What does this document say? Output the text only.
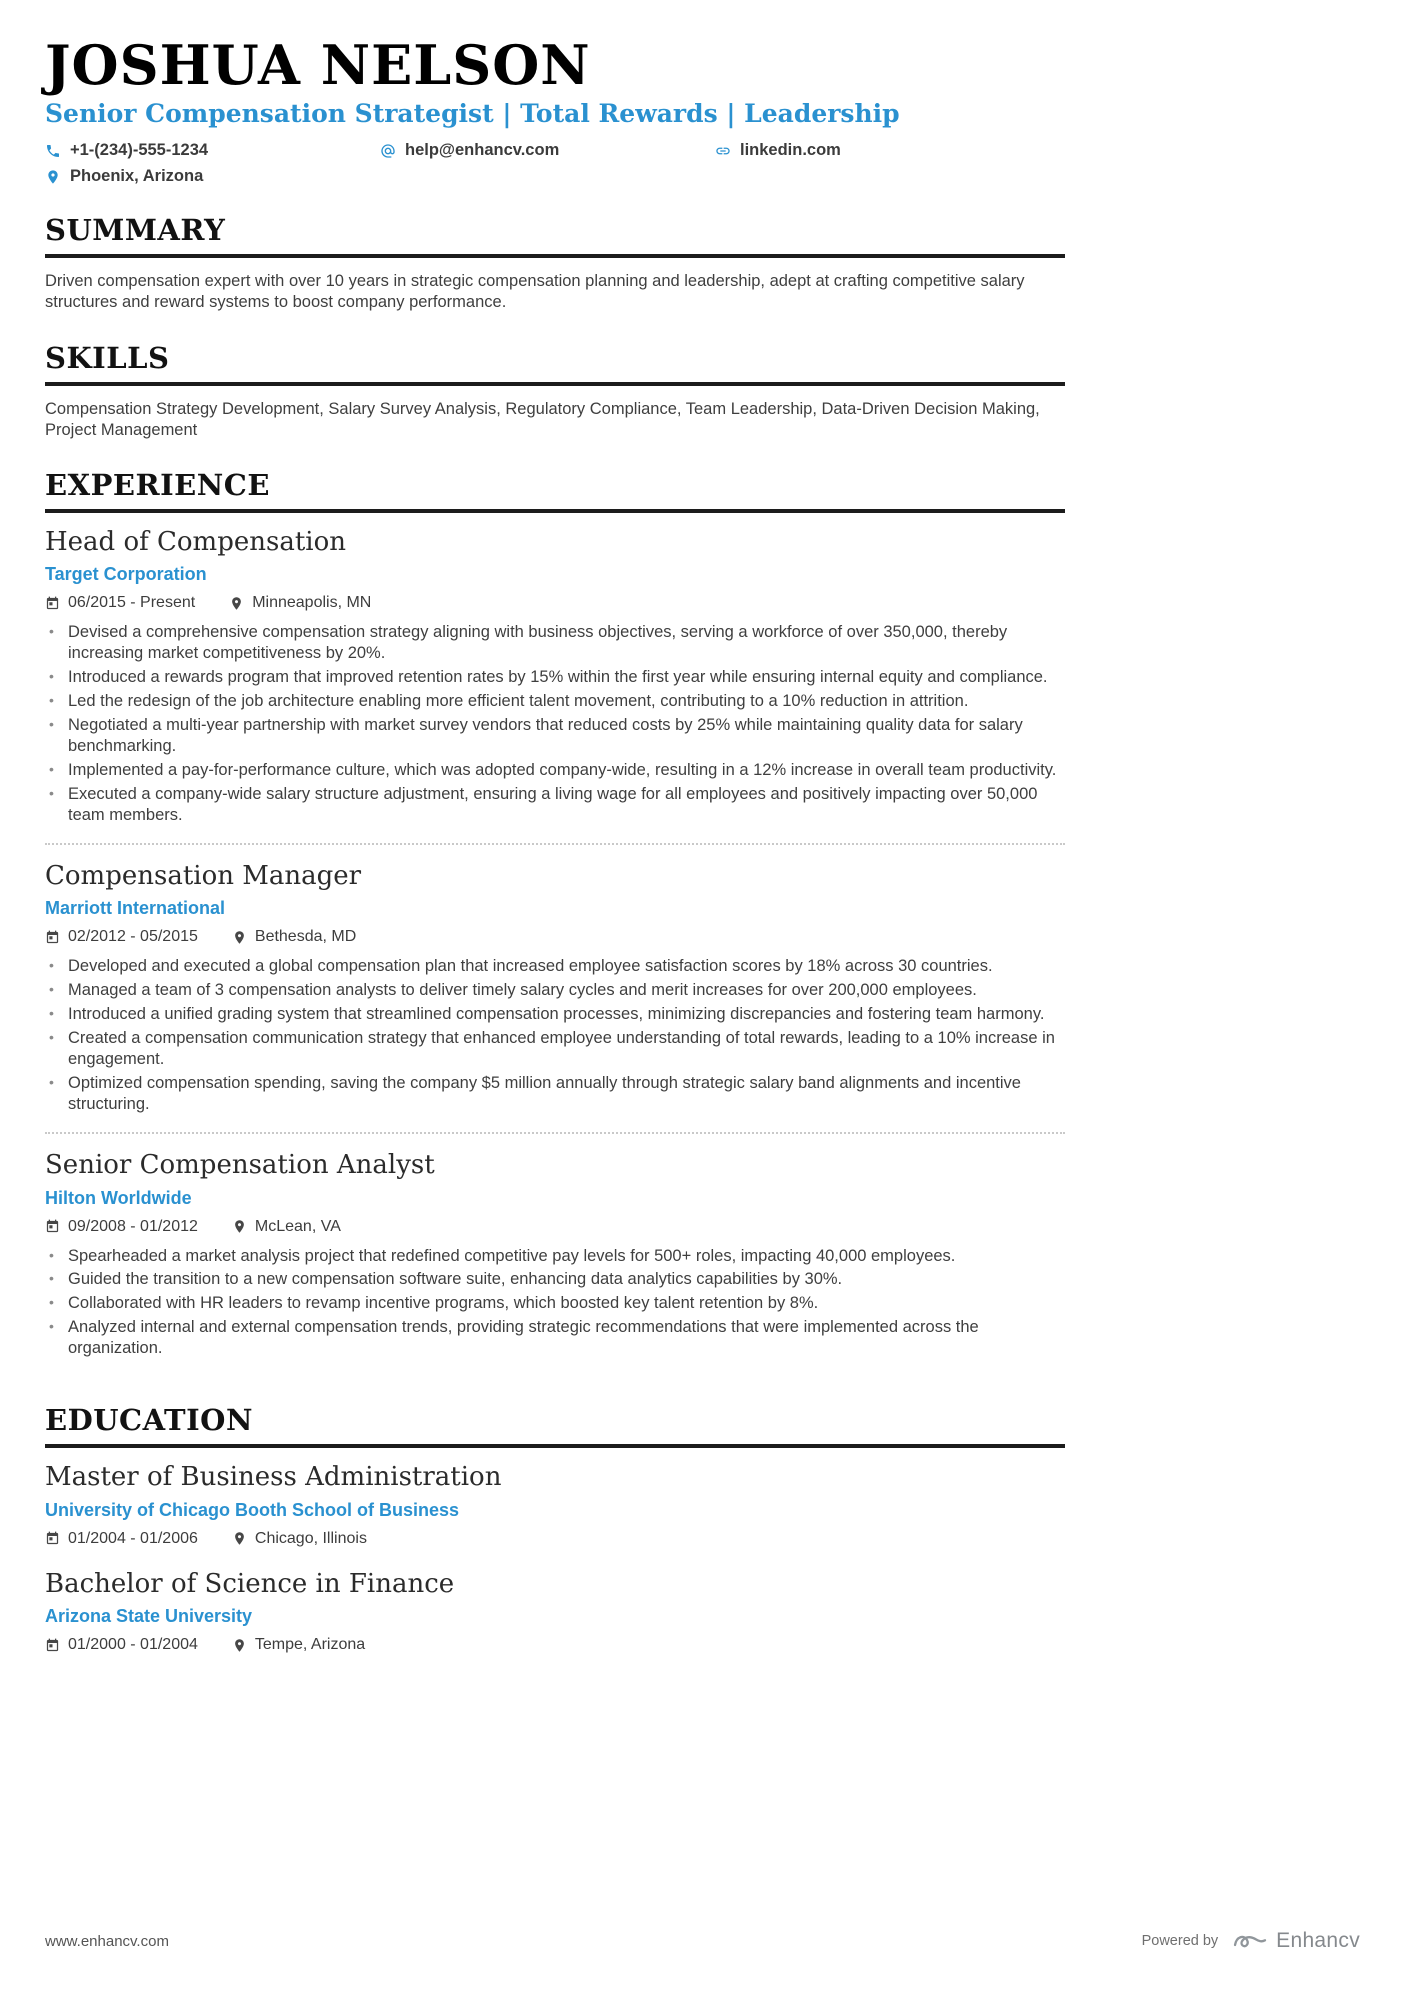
JOSHUA NELSON
Senior Compensation Strategist | Total Rewards | Leadership
+1-(234)-555-1234	help@enhancv.com	linkedin.com
Phoenix, Arizona
SUMMARY

Driven compensation expert with over 10 years in strategic compensation planning and leadership, adept at crafting competitive salary structures and reward systems to boost company performance.

SKILLS

Compensation Strategy Development, Salary Survey Analysis, Regulatory Compliance, Team Leadership, Data-Driven Decision Making, Project Management

EXPERIENCE
Head of Compensation
Target Corporation
06/2015 - Present	Minneapolis, MN
• Devised a comprehensive compensation strategy aligning with business objectives, serving a workforce of over 350,000, thereby increasing market competitiveness by 20%.
• Introduced a rewards program that improved retention rates by 15% within the first year while ensuring internal equity and compliance.
• Led the redesign of the job architecture enabling more efficient talent movement, contributing to a 10% reduction in attrition.
• Negotiated a multi-year partnership with market survey vendors that reduced costs by 25% while maintaining quality data for salary benchmarking.
• Implemented a pay-for-performance culture, which was adopted company-wide, resulting in a 12% increase in overall team productivity.
• Executed a company-wide salary structure adjustment, ensuring a living wage for all employees and positively impacting over 50,000 team members.
Compensation Manager
Marriott International
02/2012 - 05/2015	Bethesda, MD
• Developed and executed a global compensation plan that increased employee satisfaction scores by 18% across 30 countries.
• Managed a team of 3 compensation analysts to deliver timely salary cycles and merit increases for over 200,000 employees.
• Introduced a unified grading system that streamlined compensation processes, minimizing discrepancies and fostering team harmony.
• Created a compensation communication strategy that enhanced employee understanding of total rewards, leading to a 10% increase in engagement.
• Optimized compensation spending, saving the company $5 million annually through strategic salary band alignments and incentive structuring.
Senior Compensation Analyst
Hilton Worldwide
09/2008 - 01/2012	McLean, VA
• Spearheaded a market analysis project that redefined competitive pay levels for 500+ roles, impacting 40,000 employees.
• Guided the transition to a new compensation software suite, enhancing data analytics capabilities by 30%.
• Collaborated with HR leaders to revamp incentive programs, which boosted key talent retention by 8%.
• Analyzed internal and external compensation trends, providing strategic recommendations that were implemented across the organization.
EDUCATION
Master of Business Administration
University of Chicago Booth School of Business
01/2004 - 01/2006	Chicago, Illinois
Bachelor of Science in Finance
Arizona State University
01/2000 - 01/2004	Tempe, Arizona
www.enhancv.com	Powered by	Enhancv
